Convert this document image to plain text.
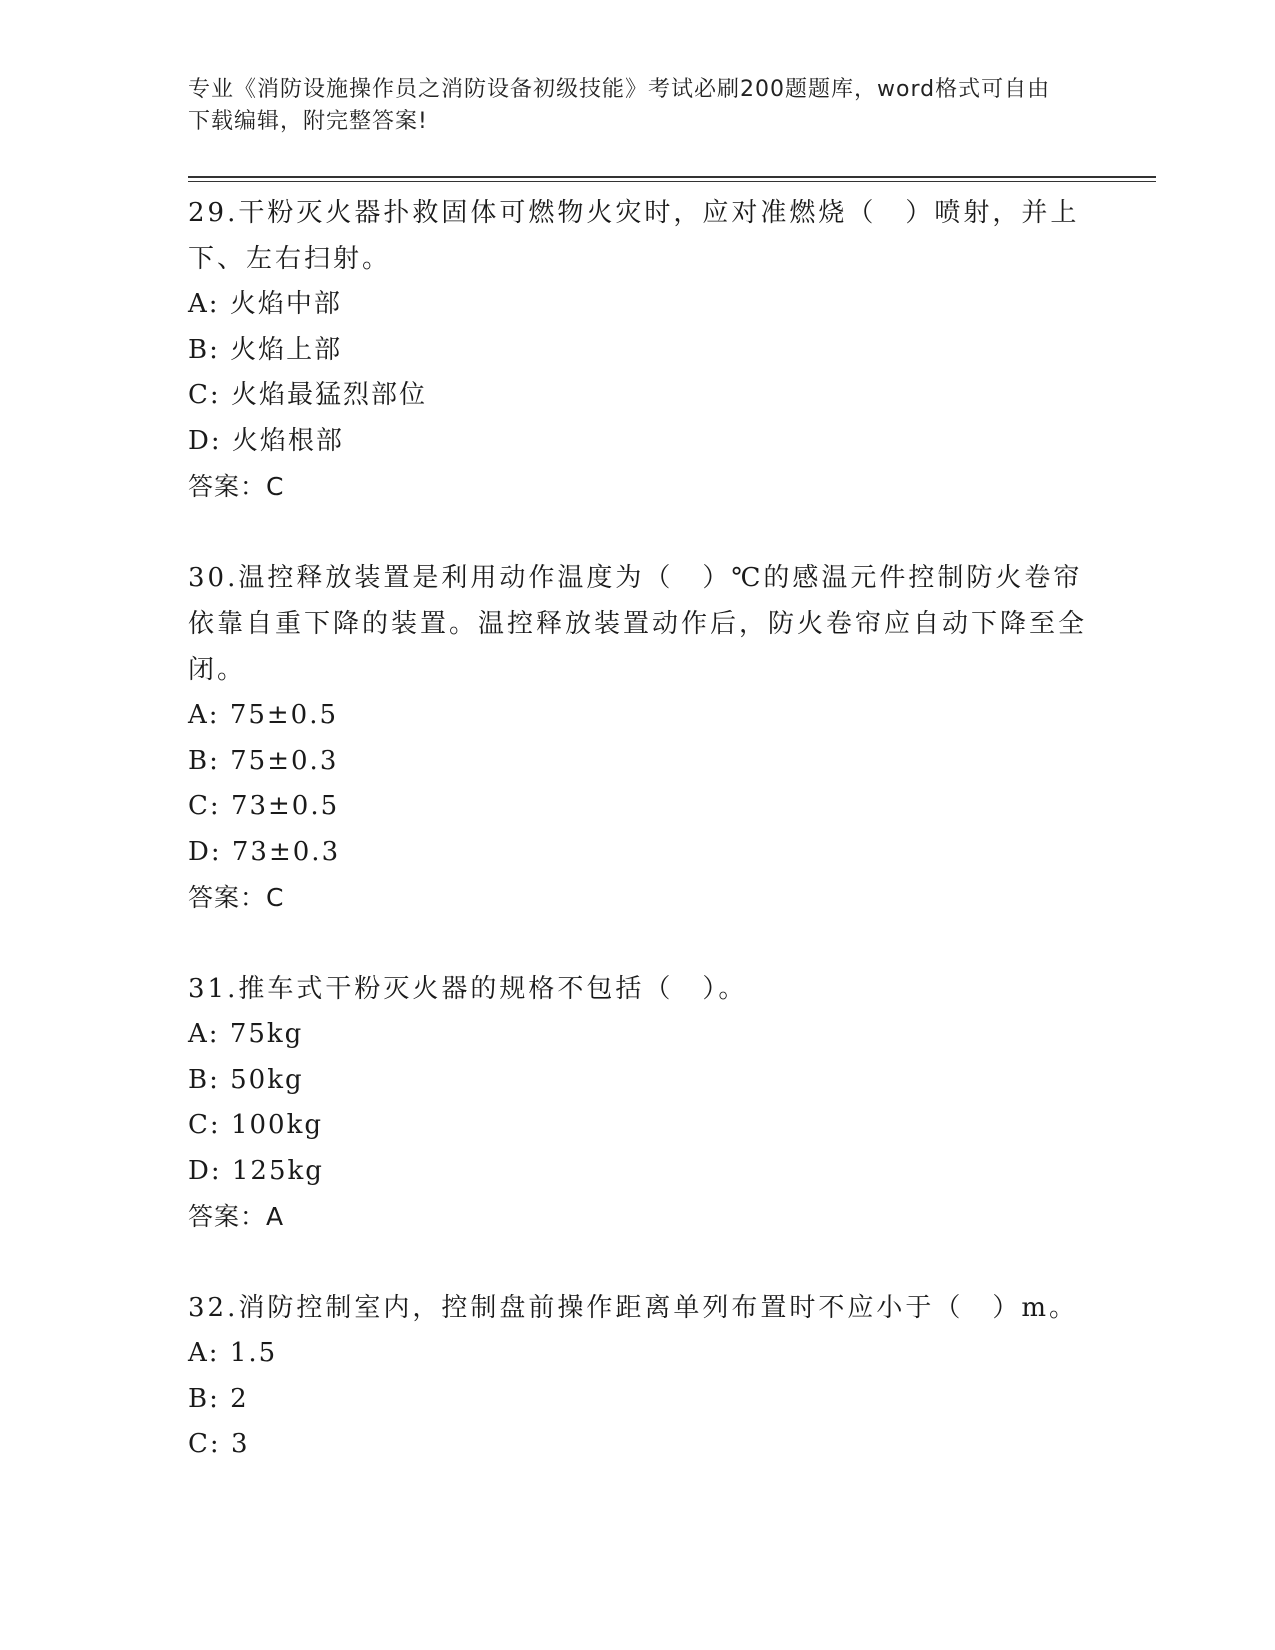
专业《消防设施操作员之消防设备初级技能》考试必刷200题题库，word格式可自由下载编辑，附完整答案!

29.干粉灭火器扑救固体可燃物火灾时，应对准燃烧（　）喷射，并上下、左右扫射。

A: 火焰中部

B: 火焰上部

C: 火焰最猛烈部位

D: 火焰根部

答案：C

30.温控释放装置是利用动作温度为（　）℃的感温元件控制防火卷帘依靠自重下降的装置。温控释放装置动作后，防火卷帘应自动下降至全闭。

A: 75±0.5

B: 75±0.3

C: 73±0.5

D: 73±0.3

答案：C

31.推车式干粉灭火器的规格不包括（　）。

A: 75kg

B: 50kg

C: 100kg

D: 125kg

答案：A

32.消防控制室内，控制盘前操作距离单列布置时不应小于（　）m。

A: 1.5

B: 2

C: 3
